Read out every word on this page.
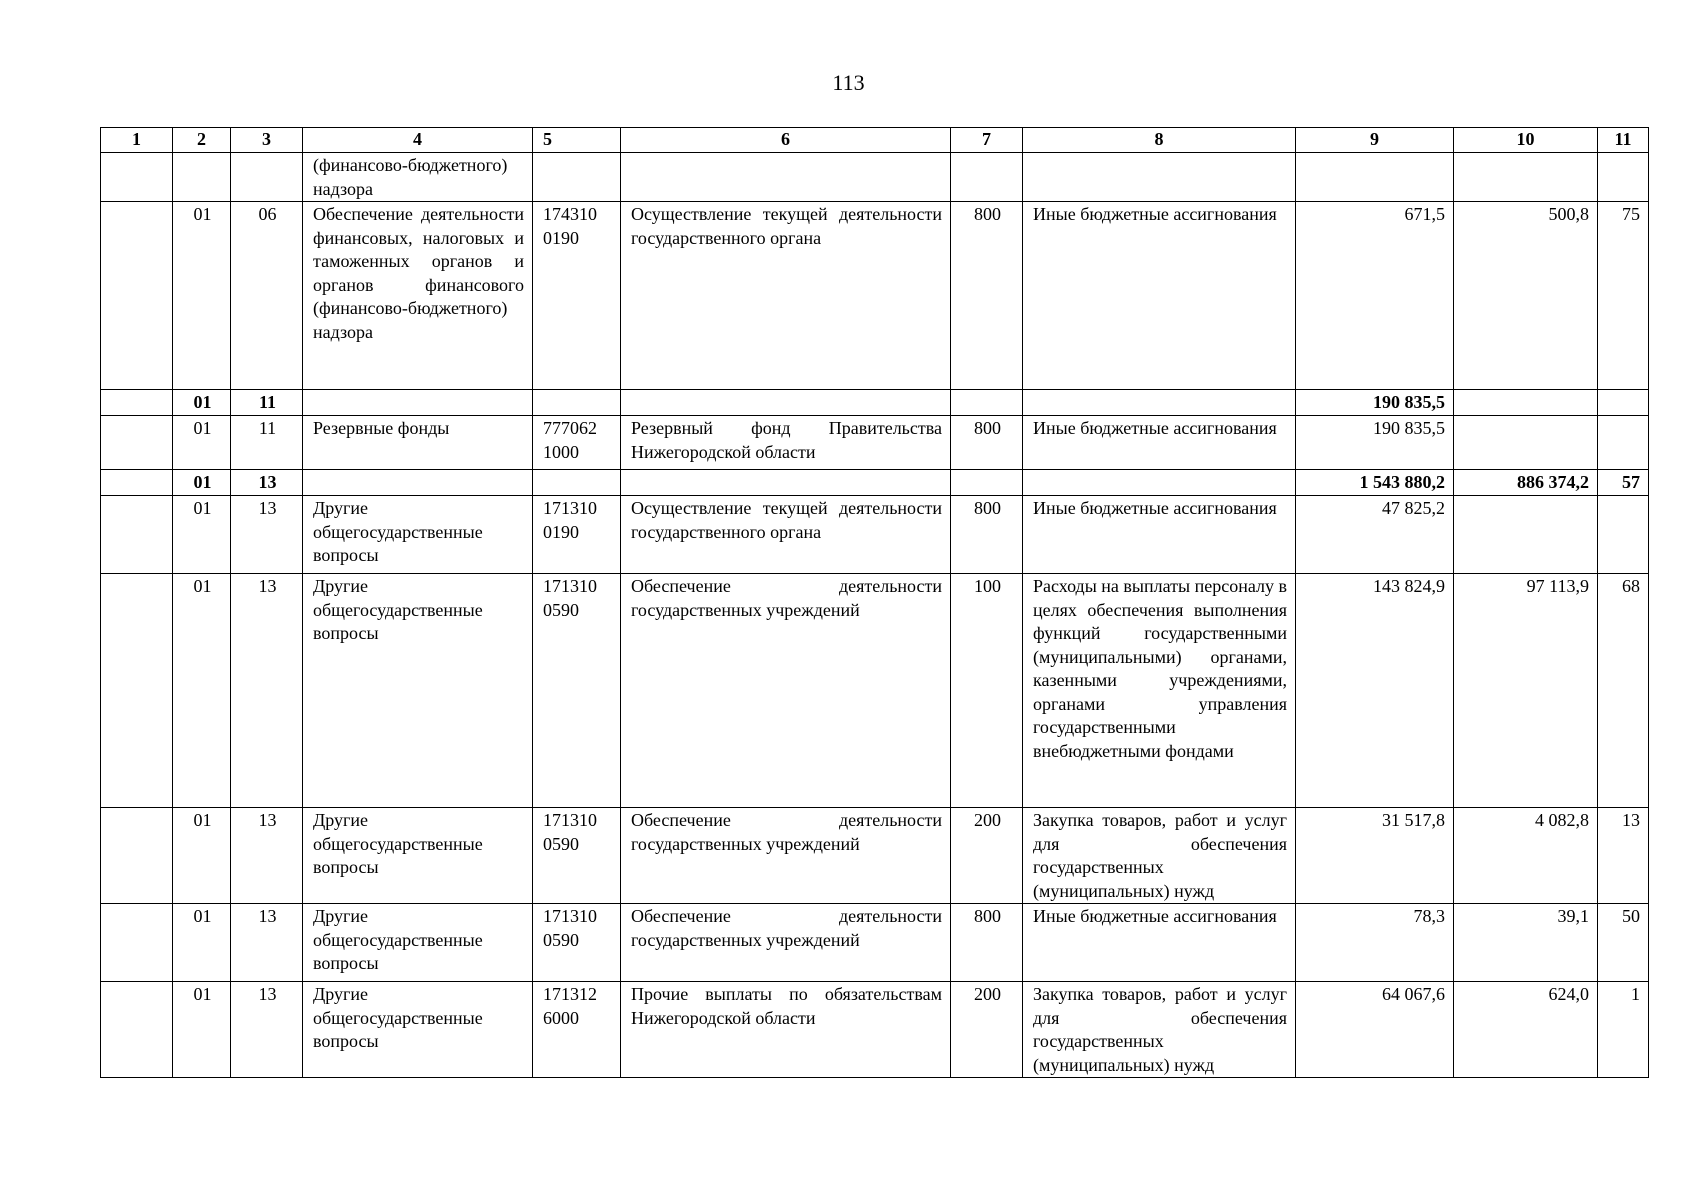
113
1	2	3	4	5	6	7	8	9	10	11

			(финансово-бюджетного) надзора							

	01	06	Обеспечение деятельности финансовых, налоговых и таможенных органов и органов финансового (финансово-бюджетного) надзора	174310 0190	Осуществление текущей деятельности государственного органа	800	Иные бюджетные ассигнования	671,5	500,8	75
	01	11						190 835,5		
	01	11	Резервные фонды	777062 1000	Резервный фонд Правительства Нижегородской области	800	Иные бюджетные ассигнования	190 835,5		
	01	13						1 543 880,2	886 374,2	57
	01	13	Другие общегосударственные вопросы	171310 0190	Осуществление текущей деятельности государственного органа	800	Иные бюджетные ассигнования	47 825,2		
	01	13	Другие общегосударственные вопросы	171310 0590	Обеспечение деятельности государственных учреждений	100	Расходы на выплаты персоналу в целях обеспечения выполнения функций государственными (муниципальными) органами, казенными учреждениями, органами управления государственными внебюджетными фондами	143 824,9	97 113,9	68
	01	13	Другие общегосударственные вопросы	171310 0590	Обеспечение деятельности государственных учреждений	200	Закупка товаров, работ и услуг для обеспечения государственных (муниципальных) нужд	31 517,8	4 082,8	13
	01	13	Другие общегосударственные вопросы	171310 0590	Обеспечение деятельности государственных учреждений	800	Иные бюджетные ассигнования	78,3	39,1	50
	01	13	Другие общегосударственные вопросы	171312 6000	Прочие выплаты по обязательствам Нижегородской области	200	Закупка товаров, работ и услуг для обеспечения государственных (муниципальных) нужд	64 067,6	624,0	1
